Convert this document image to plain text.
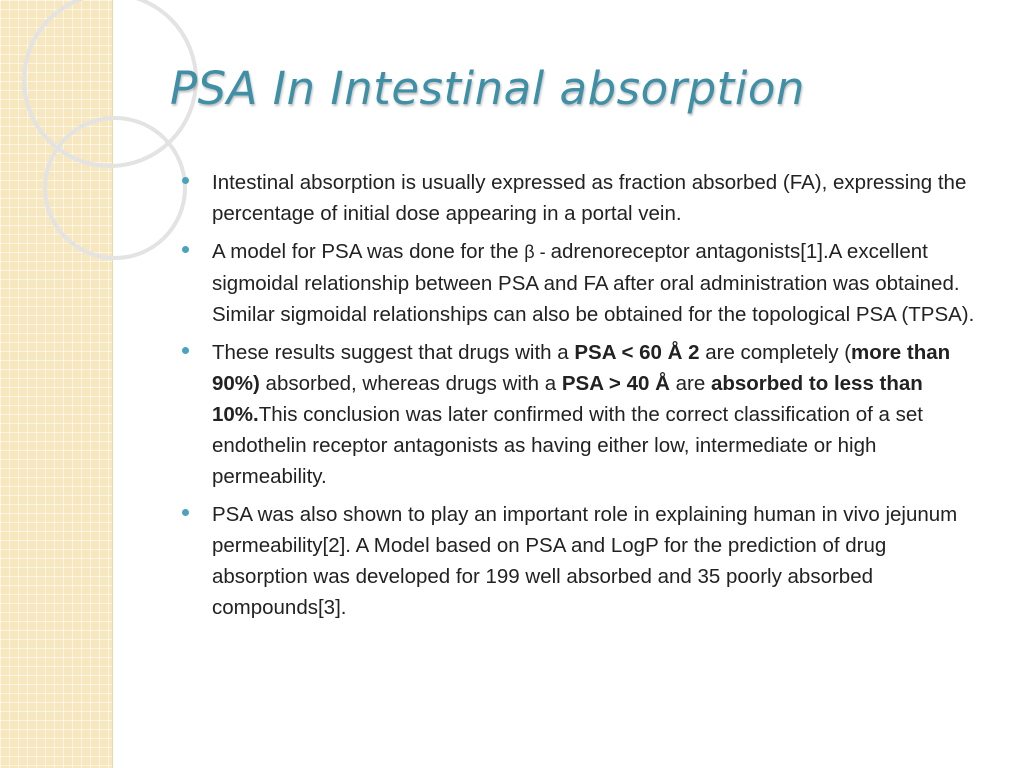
PSA In Intestinal absorption
Intestinal absorption is usually expressed as fraction absorbed (FA), expressing the percentage of initial dose appearing in a portal vein.
A model for PSA was done for the β - adrenoreceptor antagonists[1].A excellent sigmoidal relationship between PSA and FA after oral administration was obtained. Similar sigmoidal relationships can also be obtained for the topological PSA (TPSA).
These results suggest that drugs with a PSA < 60 Å 2 are completely (more than 90%) absorbed, whereas drugs with a PSA > 40 Å are absorbed to less than 10%.This conclusion was later confirmed with the correct classification of a set endothelin receptor antagonists as having either low, intermediate or high permeability.
PSA was also shown to play an important role in explaining human in vivo jejunum permeability[2]. A Model based on PSA and LogP for the prediction of drug absorption was developed for 199 well absorbed and 35 poorly absorbed compounds[3].
